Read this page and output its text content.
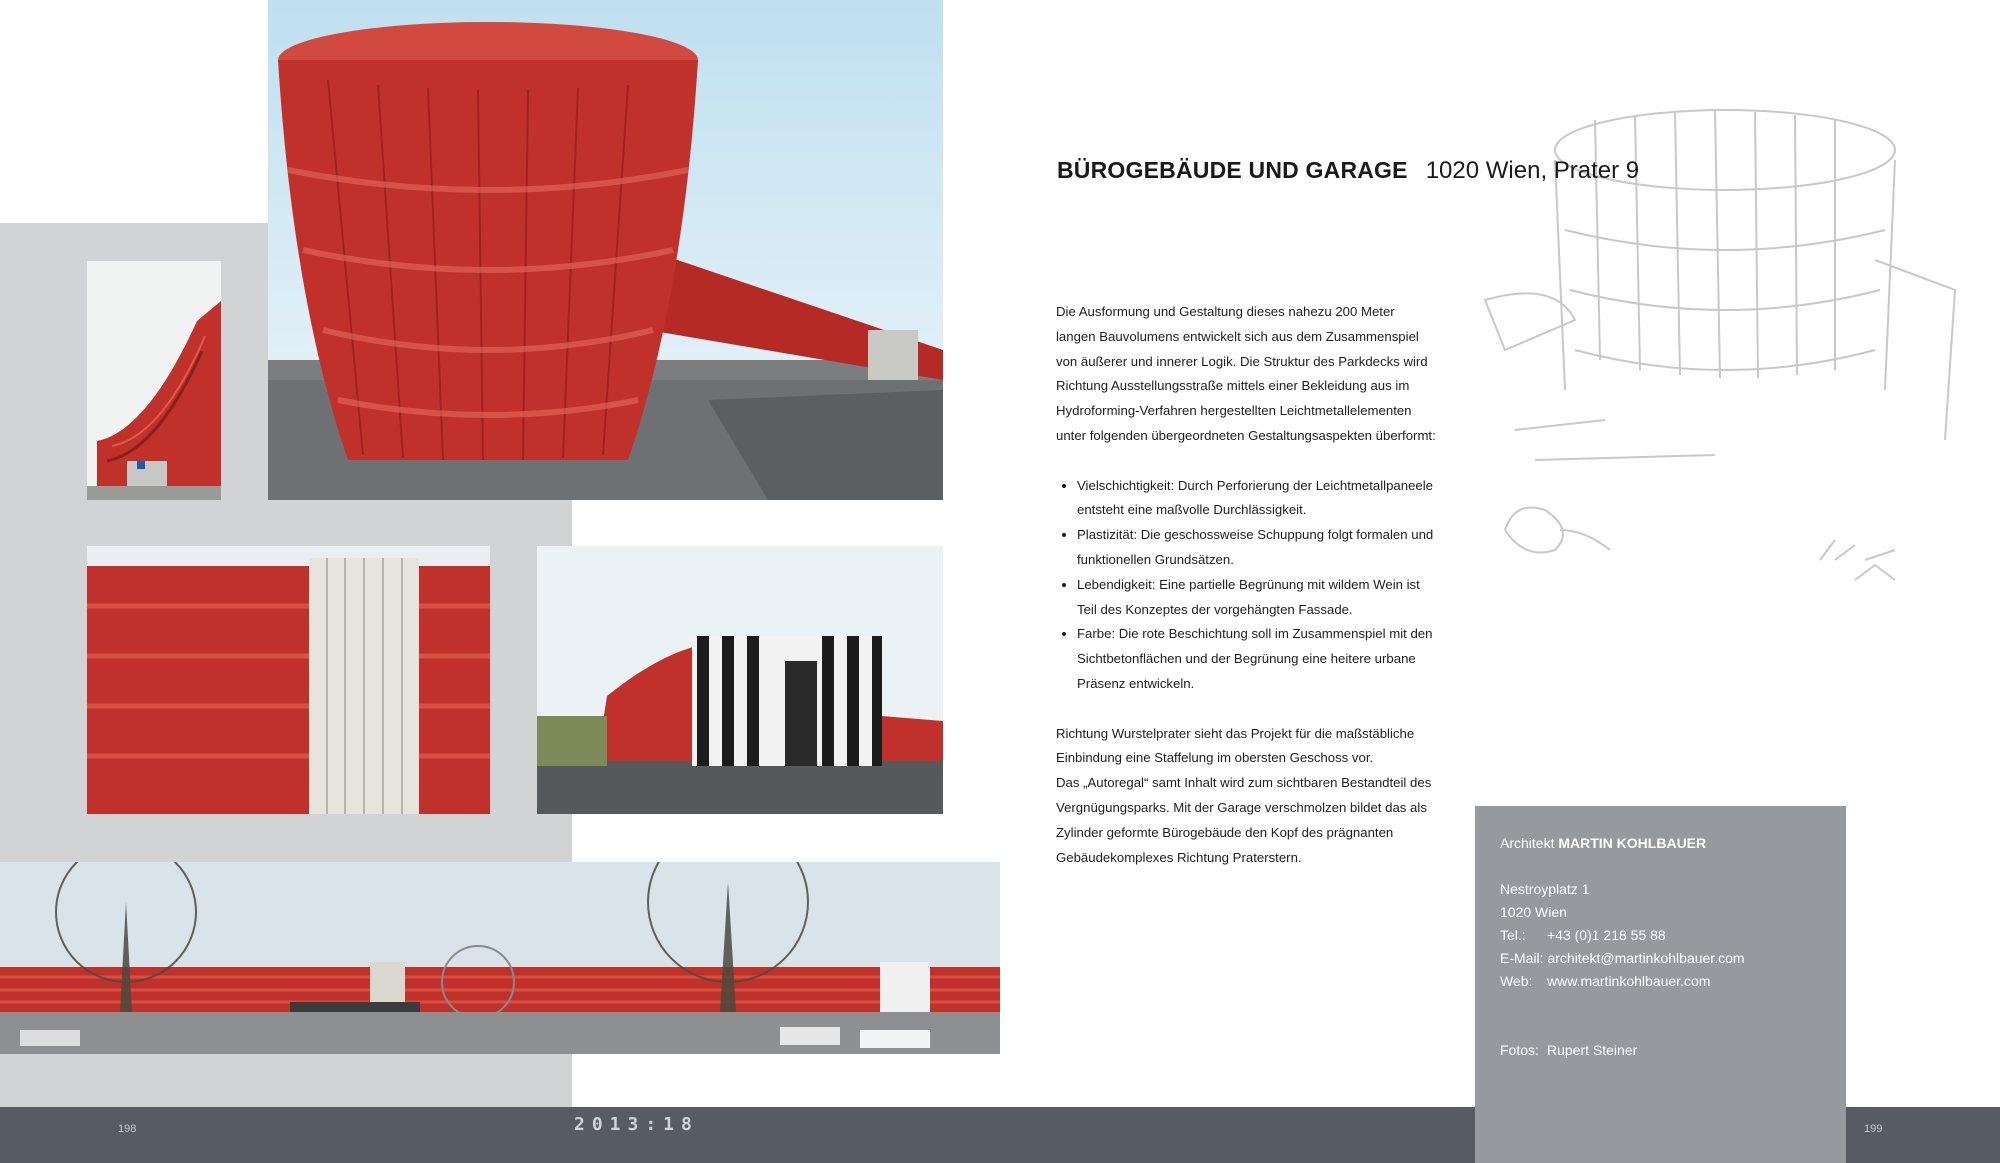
BÜROGEBÄUDE UND GARAGE 1020 Wien, Prater 9

Die Ausformung und Gestaltung dieses nahezu 200 Meter langen Bauvolumens entwickelt sich aus dem Zusammenspiel von äußerer und innerer Logik. Die Struktur des Parkdecks wird Richtung Ausstellungsstraße mittels einer Bekleidung aus im Hydroforming-Verfahren hergestellten Leichtmetallelementen unter folgenden übergeordneten Gestaltungsaspekten überformt:

• Vielschichtigkeit: Durch Perforierung der Leichtmetallpaneele entsteht eine maßvolle Durchlässigkeit.
• Plastizität: Die geschossweise Schuppung folgt formalen und funktionellen Grundsätzen.
• Lebendigkeit: Eine partielle Begrünung mit wildem Wein ist Teil des Konzeptes der vorgehängten Fassade.
• Farbe: Die rote Beschichtung soll im Zusammenspiel mit den Sichtbetonflächen und der Begrünung eine heitere urbane Präsenz entwickeln.

Richtung Wurstelprater sieht das Projekt für die maßstäbliche Einbindung eine Staffelung im obersten Geschoss vor.

Das „Autoregal“ samt Inhalt wird zum sichtbaren Bestandteil des Vergnügungsparks. Mit der Garage verschmolzen bildet das als Zylinder geformte Bürogebäude den Kopf des prägnanten Gebäudekomplexes Richtung Praterstern.

Architekt MARTIN KOHLBAUER
Nestroyplatz 1
1020 Wien
Tel.: +43 (0)1 218 55 88
E-Mail: architekt@martinkohlbauer.com
Web: www.martinkohlbauer.com
Fotos: Rupert Steiner
198	2013:18	199
